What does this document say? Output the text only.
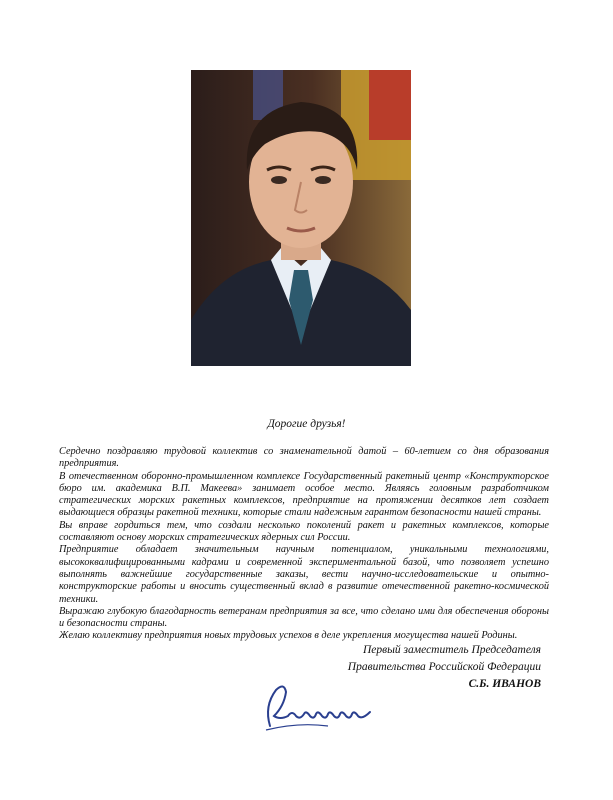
Дорогие друзья!

Сердечно поздравляю трудовой коллектив со знаменательной датой – 60-летием со дня образования предприятия.

В отечественном оборонно-промышленном комплексе Государственный ракетный центр «Конструкторское бюро им. академика В.П. Макеева» занимает особое место. Являясь головным разработчиком стратегических морских ракетных комплексов, предприятие на протяжении десятков лет создает выдающиеся образцы ракетной техники, которые стали надежным гарантом безопасности нашей страны.

Вы вправе гордиться тем, что создали несколько поколений ракет и ракетных комплексов, которые составляют основу морских стратегических ядерных сил России.

Предприятие обладает значительным научным потенциалом, уникальными технологиями, высококвалифицированными кадрами и современной экспериментальной базой, что позволяет успешно выполнять важнейшие государственные заказы, вести научно-исследовательские и опытно-конструкторские работы и вносить существенный вклад в развитие отечественной ракетно-космической техники.

Выражаю глубокую благодарность ветеранам предприятия за все, что сделано ими для обеспечения обороны и безопасности страны.

Желаю коллективу предприятия новых трудовых успехов в деле укрепления могущества нашей Родины.

Первый заместитель Председателя
Правительства Российской Федерации
С.Б. ИВАНОВ
